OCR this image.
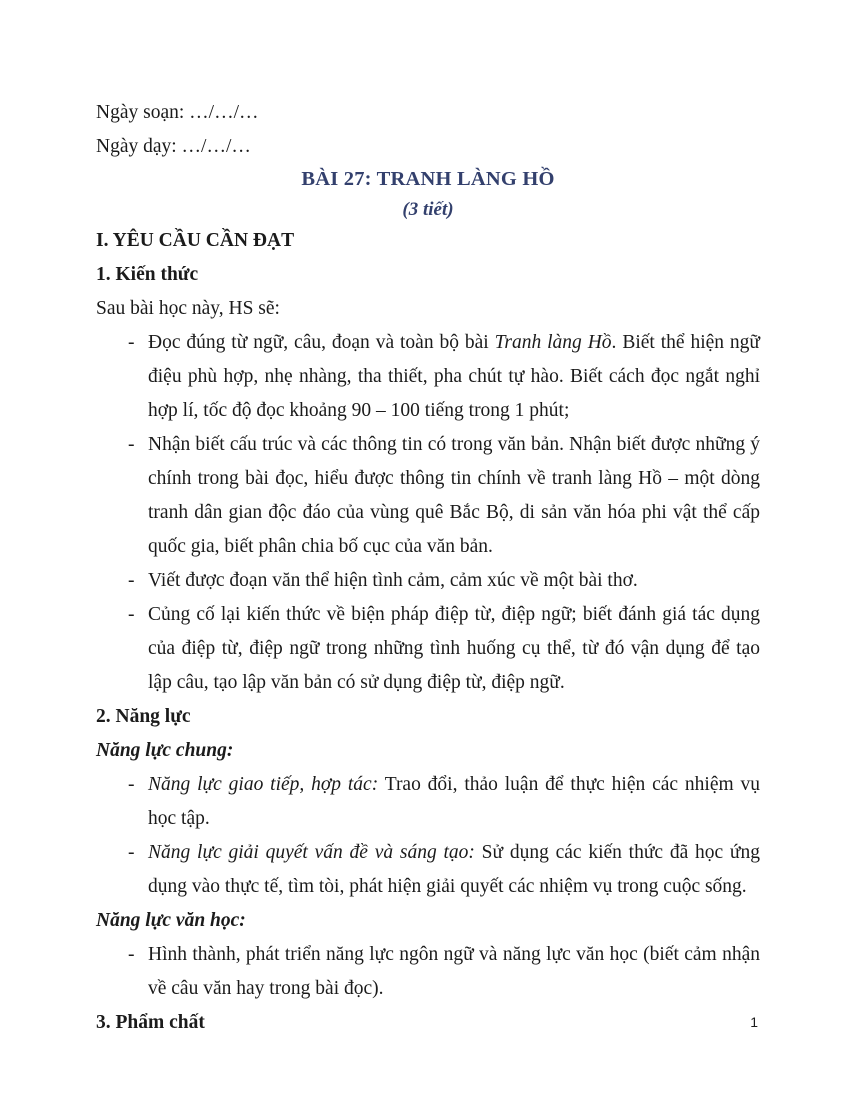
Ngày soạn: …/…/…

Ngày dạy: …/…/…

BÀI 27: TRANH LÀNG HỒ

(3 tiết)

I. YÊU CẦU CẦN ĐẠT
1. Kiến thức

Sau bài học này, HS sẽ:

- Đọc đúng từ ngữ, câu, đoạn và toàn bộ bài Tranh làng Hồ. Biết thể hiện ngữ điệu phù hợp, nhẹ nhàng, tha thiết, pha chút tự hào. Biết cách đọc ngắt nghỉ hợp lí, tốc độ đọc khoảng 90 – 100 tiếng trong 1 phút;
- Nhận biết cấu trúc và các thông tin có trong văn bản. Nhận biết được những ý chính trong bài đọc, hiểu được thông tin chính về tranh làng Hồ – một dòng tranh dân gian độc đáo của vùng quê Bắc Bộ, di sản văn hóa phi vật thể cấp quốc gia, biết phân chia bố cục của văn bản.
- Viết được đoạn văn thể hiện tình cảm, cảm xúc về một bài thơ.
- Củng cố lại kiến thức về biện pháp điệp từ, điệp ngữ; biết đánh giá tác dụng của điệp từ, điệp ngữ trong những tình huống cụ thể, từ đó vận dụng để tạo lập câu, tạo lập văn bản có sử dụng điệp từ, điệp ngữ.
2. Năng lực

Năng lực chung:

- Năng lực giao tiếp, hợp tác: Trao đổi, thảo luận để thực hiện các nhiệm vụ học tập.
- Năng lực giải quyết vấn đề và sáng tạo: Sử dụng các kiến thức đã học ứng dụng vào thực tế, tìm tòi, phát hiện giải quyết các nhiệm vụ trong cuộc sống.

Năng lực văn học:

- Hình thành, phát triển năng lực ngôn ngữ và năng lực văn học (biết cảm nhận về câu văn hay trong bài đọc).
3. Phẩm chất	1
